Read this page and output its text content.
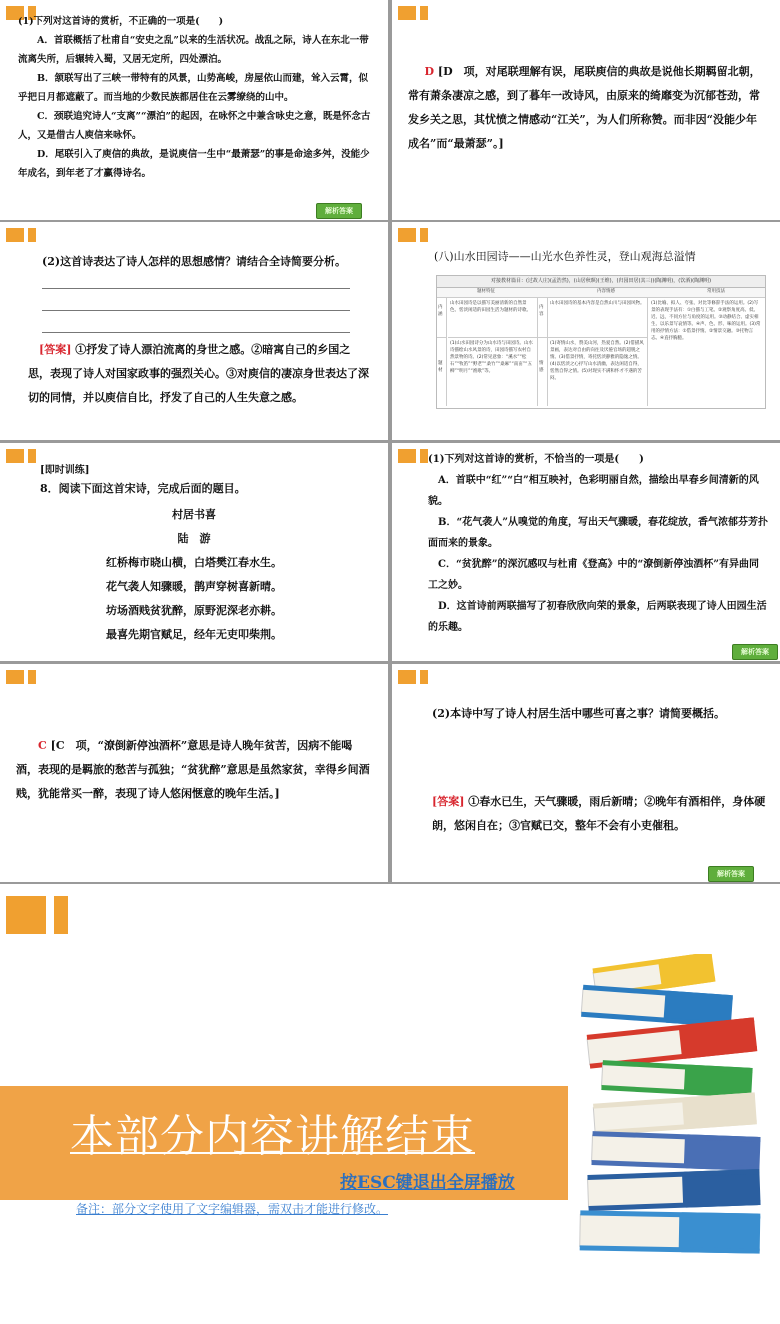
(1)下列对这首诗的赏析，不正确的一项是(　　)

A．首联概括了杜甫自“安史之乱”以来的生活状况。战乱之际，诗人在东北一带流离失所，后辗转入蜀，又居无定所，四处漂泊。

B．颔联写出了三峡一带特有的风景，山势高峻，房屋依山而建，耸入云霄，似乎把日月都遮蔽了。而当地的少数民族都居住在云雾缭绕的山中。

C．颈联追究诗人“支离”“漂泊”的起因，在咏怀之中兼含咏史之意，既是怀念古人，又是借古人庾信来咏怀。

D．尾联引入了庾信的典故，是说庾信一生中“最萧瑟”的事是命途多舛，没能少年成名，到年老了才赢得诗名。

解析答案

D [D　项，对尾联理解有误，尾联庾信的典故是说他长期羁留北朝，常有萧条凄凉之感，到了暮年一改诗风，由原来的绮靡变为沉郁苍劲，常发乡关之思，其忧愤之情感动“江关”，为人们所称赞。而非因“没能少年成名”而“最萧瑟”。]

(2)这首诗表达了诗人怎样的思想感情？请结合全诗简要分析。

[答案] ①抒发了诗人漂泊流离的身世之感。②暗寓自己的乡国之思，表现了诗人对国家政事的强烈关心。③对庾信的凄凉身世表达了深切的同情，并以庾信自比，抒发了自己的人生失意之感。

(八)山水田园诗——山光水色养性灵，登山观海总溢情

对接教材篇目：(过故人庄)(孟浩然)，(山居秋暝)(王维)，(归园田居(其三))(陶渊明)，(饮酒)(陶渊明)
题材特征	内容情感	常用技法
内涵
山水田园诗是以描写美丽清新的自然景色、恬淡闲适的田园生活为题材的诗歌。
内容
山水田园诗的基本内容是自然山川与田园风物。
题材
(1)山水田园诗分为山水诗与田园诗。山水诗描绘山水风景的诗，田园诗描写农村自然景物的诗。(2)常见意象：“溪水”“松石”“牧笛”“野老”“桑竹”“桑麻”“南亩”“五柳”“明月”“渔歌”等。
情感
(1)寄情山水，赞美山河，热爱自然。(2)借描风景画，表达对自由的向往及厌倦官场的超脱之情。(3)借景抒情，寄托恬淡静雅的隐逸之情。(4)以恬淡之心抒写山水清幽，表达闲适自得，恬然自得之情。(5)对现实不满和怀才不遇的苦闷。
(1)比喻、拟人、夸张、对比等修辞手法的运用。(2)写景的表现手法有：①白描与工笔。②观察角度高、低、近、远，不同方位与角度的运用。③动静结合、虚实相生、以乐景写哀情等。④声、色、形、味的运用。(3)常用的抒情方法：①借景抒情。②情景交融。③托物言志。④直抒胸臆。

[即时训练]

8．阅读下面这首宋诗，完成后面的题目。

村居书喜

陆　游

红桥梅市晓山横，白塔樊江春水生。

花气袭人知骤暖，鹊声穿树喜新晴。

坊场酒贱贫犹醉，原野泥深老亦耕。

最喜先期官赋足，经年无吏叩柴荆。

(1)下列对这首诗的赏析，不恰当的一项是(　　)

A．首联中“红”“白”相互映衬，色彩明丽自然，描绘出早春乡间清新的风貌。

B．“花气袭人”从嗅觉的角度，写出天气骤暖，春花绽放，香气浓郁芬芳扑面而来的景象。

C．“贫犹醉”的深沉感叹与杜甫《登高》中的“潦倒新停浊酒杯”有异曲同工之妙。

D．这首诗前两联描写了初春欣欣向荣的景象，后两联表现了诗人田园生活的乐趣。

解析答案

C [C　项，“潦倒新停浊酒杯”意思是诗人晚年贫苦，因病不能喝酒，表现的是羁旅的愁苦与孤独；“贫犹醉”意思是虽然家贫，幸得乡间酒贱，犹能常买一醉，表现了诗人悠闲惬意的晚年生活。]

(2)本诗中写了诗人村居生活中哪些可喜之事？请简要概括。

[答案] ①春水已生，天气骤暖，雨后新晴；②晚年有酒相伴，身体硬朗，悠闲自在；③官赋已交，整年不会有小吏催租。

解析答案
本部分内容讲解结束
按ESC键退出全屏播放
备注：部分文字使用了文字编辑器，需双击才能进行修改。
